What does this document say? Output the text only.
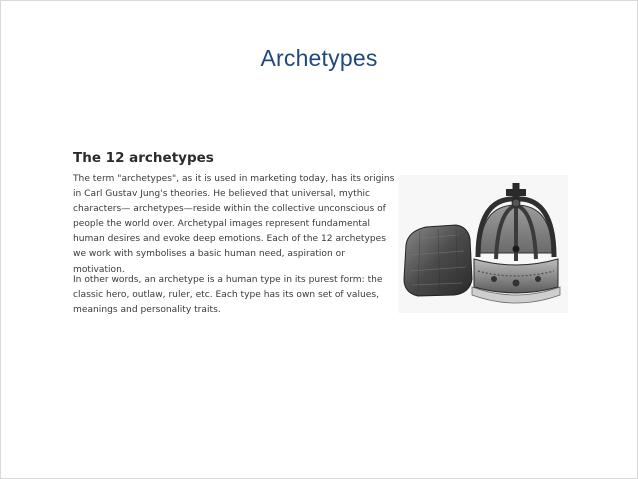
Archetypes
The 12 archetypes

The term "archetypes", as it is used in marketing today, has its origins in Carl Gustav Jung's theories. He believed that universal, mythic characters— archetypes—reside within the collective unconscious of people the world over. Archetypal images represent fundamental human desires and evoke deep emotions. Each of the 12 archetypes we work with symbolises a basic human need, aspiration or motivation.

In other words, an archetype is a human type in its purest form: the classic hero, outlaw, ruler, etc. Each type has its own set of values, meanings and personality traits.
